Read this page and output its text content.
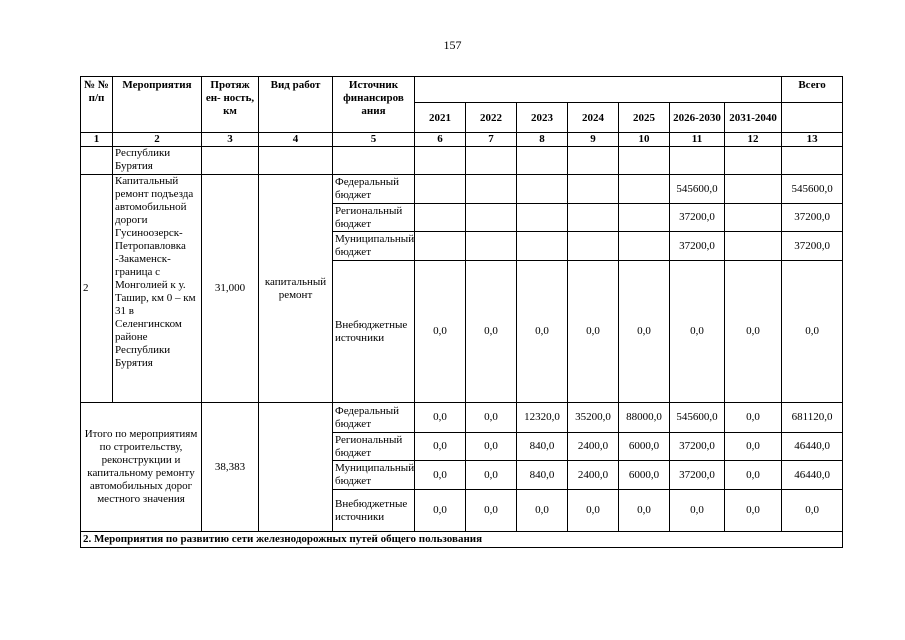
157
№ № п/п	Мероприятия	Протяж ен- ность, км	Вид работ	Источник финансиров ания								Всего
					2021	2022	2023	2024	2025	2026-2030	2031-2040	
1	2	3	4	5	6	7	8	9	10	11	12	13
	Республики Бурятия											
2	Капитальный ремонт подъезда автомобильной дороги Гусиноозерск-Петропавловка -Закаменск-граница с Монголией к у. Ташир, км 0 – км 31 в Селенгинском районе Республики Бурятия	31,000	капитальный ремонт	Федеральный бюджет						545600,0		545600,0
				Региональный бюджет						37200,0		37200,0
				Муниципальный бюджет						37200,0		37200,0
				Внебюджетные источники	0,0	0,0	0,0	0,0	0,0	0,0	0,0	0,0
Итого по мероприятиям по строительству, реконструкции и капитальному ремонту автомобильных дорог местного значения		38,383		Федеральный бюджет	0,0	0,0	12320,0	35200,0	88000,0	545600,0	0,0	681120,0
				Региональный бюджет	0,0	0,0	840,0	2400,0	6000,0	37200,0	0,0	46440,0
				Муниципальный бюджет	0,0	0,0	840,0	2400,0	6000,0	37200,0	0,0	46440,0
				Внебюджетные источники	0,0	0,0	0,0	0,0	0,0	0,0	0,0	0,0
2. Мероприятия по развитию сети железнодорожных путей общего пользования												
